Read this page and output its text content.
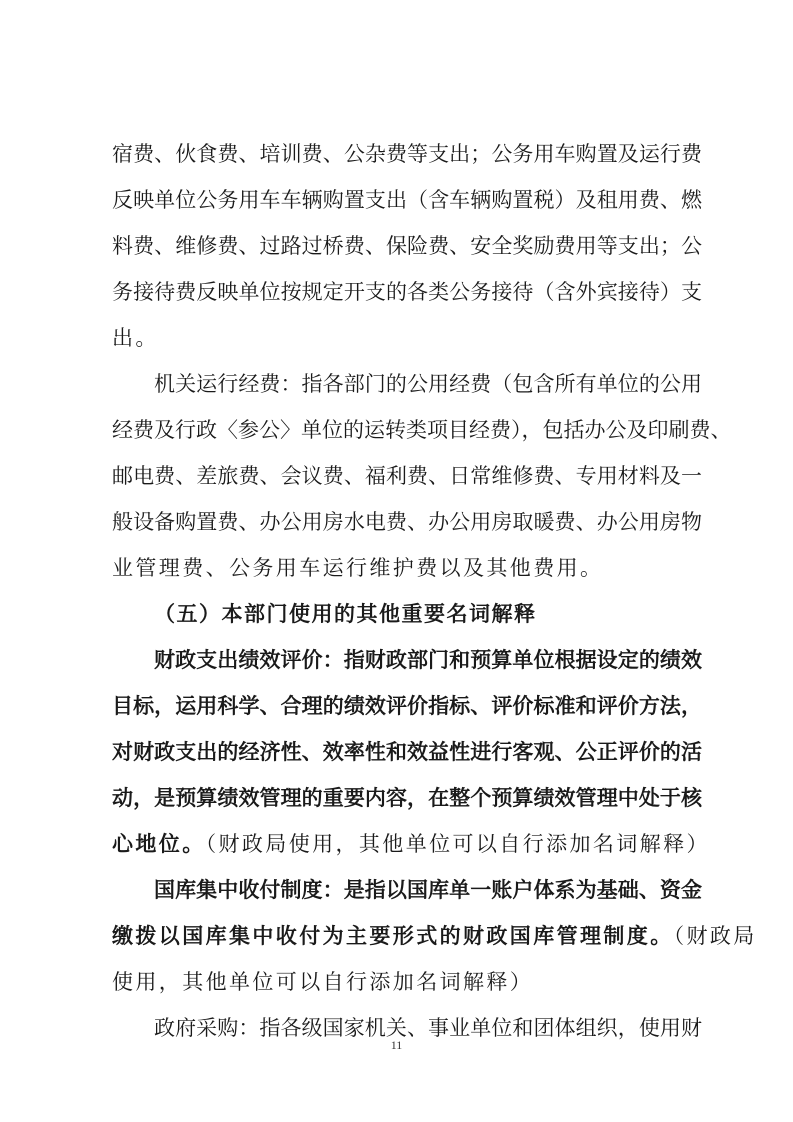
宿费、伙食费、培训费、公杂费等支出；公务用车购置及运行费
反映单位公务用车车辆购置支出（含车辆购置税）及租用费、燃
料费、维修费、过路过桥费、保险费、安全奖励费用等支出；公
务接待费反映单位按规定开支的各类公务接待（含外宾接待）支
出。
机关运行经费：指各部门的公用经费（包含所有单位的公用
经费及行政〈参公〉单位的运转类项目经费），包括办公及印刷费、
邮电费、差旅费、会议费、福利费、日常维修费、专用材料及一
般设备购置费、办公用房水电费、办公用房取暖费、办公用房物
业管理费、公务用车运行维护费以及其他费用。
（五）本部门使用的其他重要名词解释
财政支出绩效评价：指财政部门和预算单位根据设定的绩效
目标，运用科学、合理的绩效评价指标、评价标准和评价方法，
对财政支出的经济性、效率性和效益性进行客观、公正评价的活
动，是预算绩效管理的重要内容，在整个预算绩效管理中处于核
心地位。（财政局使用，其他单位可以自行添加名词解释）
国库集中收付制度：是指以国库单一账户体系为基础、资金
缴拨以国库集中收付为主要形式的财政国库管理制度。（财政局
使用，其他单位可以自行添加名词解释）
政府采购：指各级国家机关、事业单位和团体组织，使用财
11
